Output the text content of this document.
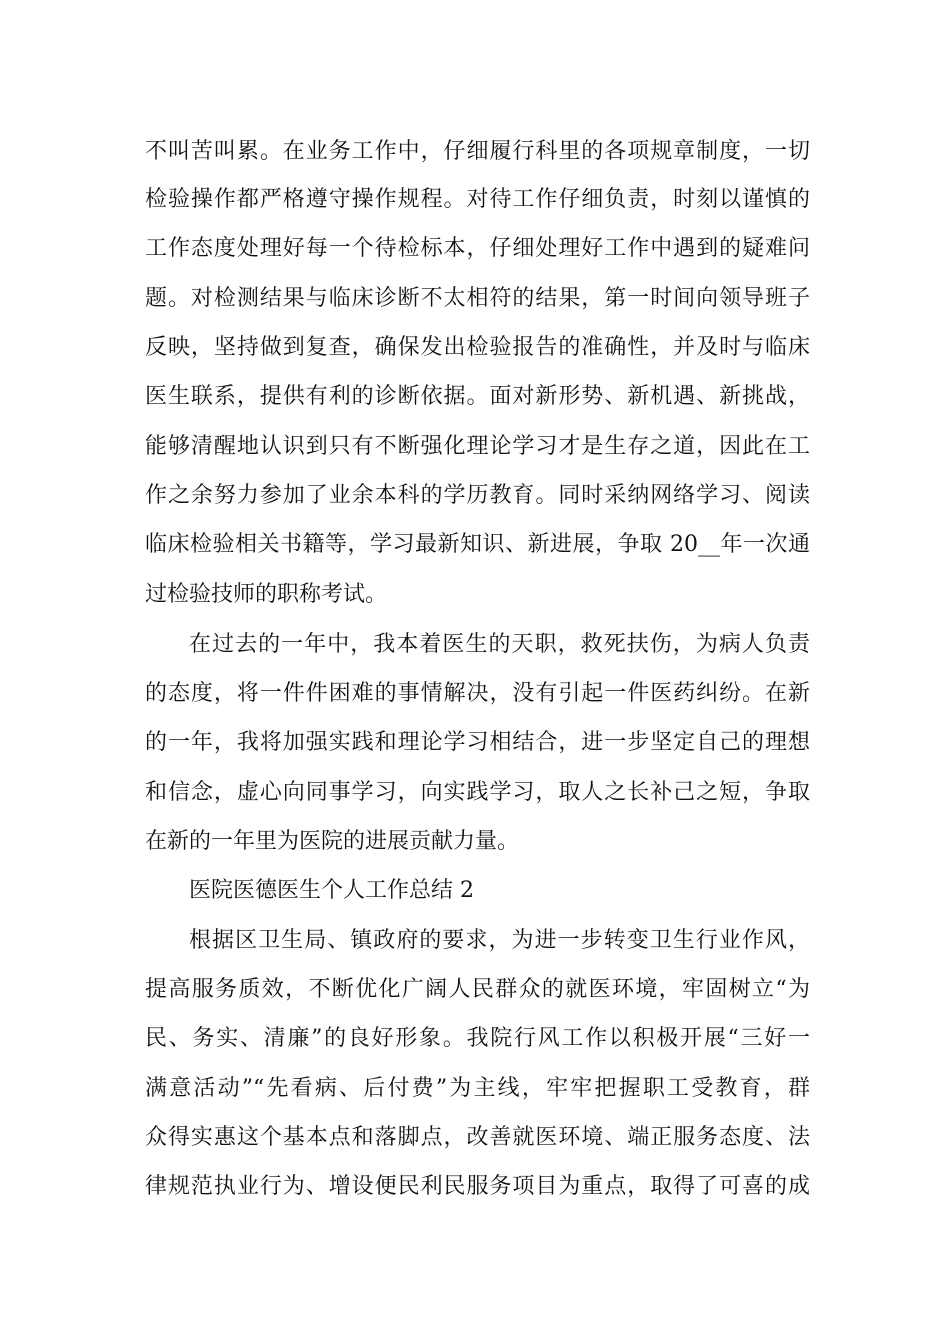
不叫苦叫累。在业务工作中，仔细履行科里的各项规章制度，一切
检验操作都严格遵守操作规程。对待工作仔细负责，时刻以谨慎的
工作态度处理好每一个待检标本，仔细处理好工作中遇到的疑难问
题。对检测结果与临床诊断不太相符的结果，第一时间向领导班子
反映，坚持做到复查，确保发出检验报告的准确性，并及时与临床
医生联系，提供有利的诊断依据。面对新形势、新机遇、新挑战，
能够清醒地认识到只有不断强化理论学习才是生存之道，因此在工
作之余努力参加了业余本科的学历教育。同时采纳网络学习、阅读
临床检验相关书籍等，学习最新知识、新进展，争取 20__年一次通
过检验技师的职称考试。
在过去的一年中，我本着医生的天职，救死扶伤，为病人负责
的态度，将一件件困难的事情解决，没有引起一件医药纠纷。在新
的一年，我将加强实践和理论学习相结合，进一步坚定自己的理想
和信念，虚心向同事学习，向实践学习，取人之长补己之短，争取
在新的一年里为医院的进展贡献力量。
医院医德医生个人工作总结 2
根据区卫生局、镇政府的要求，为进一步转变卫生行业作风，
提高服务质效，不断优化广阔人民群众的就医环境，牢固树立“为
民、务实、清廉”的良好形象。我院行风工作以积极开展“三好一
满意活动”“先看病、后付费”为主线，牢牢把握职工受教育，群
众得实惠这个基本点和落脚点，改善就医环境、端正服务态度、法
律规范执业行为、增设便民利民服务项目为重点，取得了可喜的成
